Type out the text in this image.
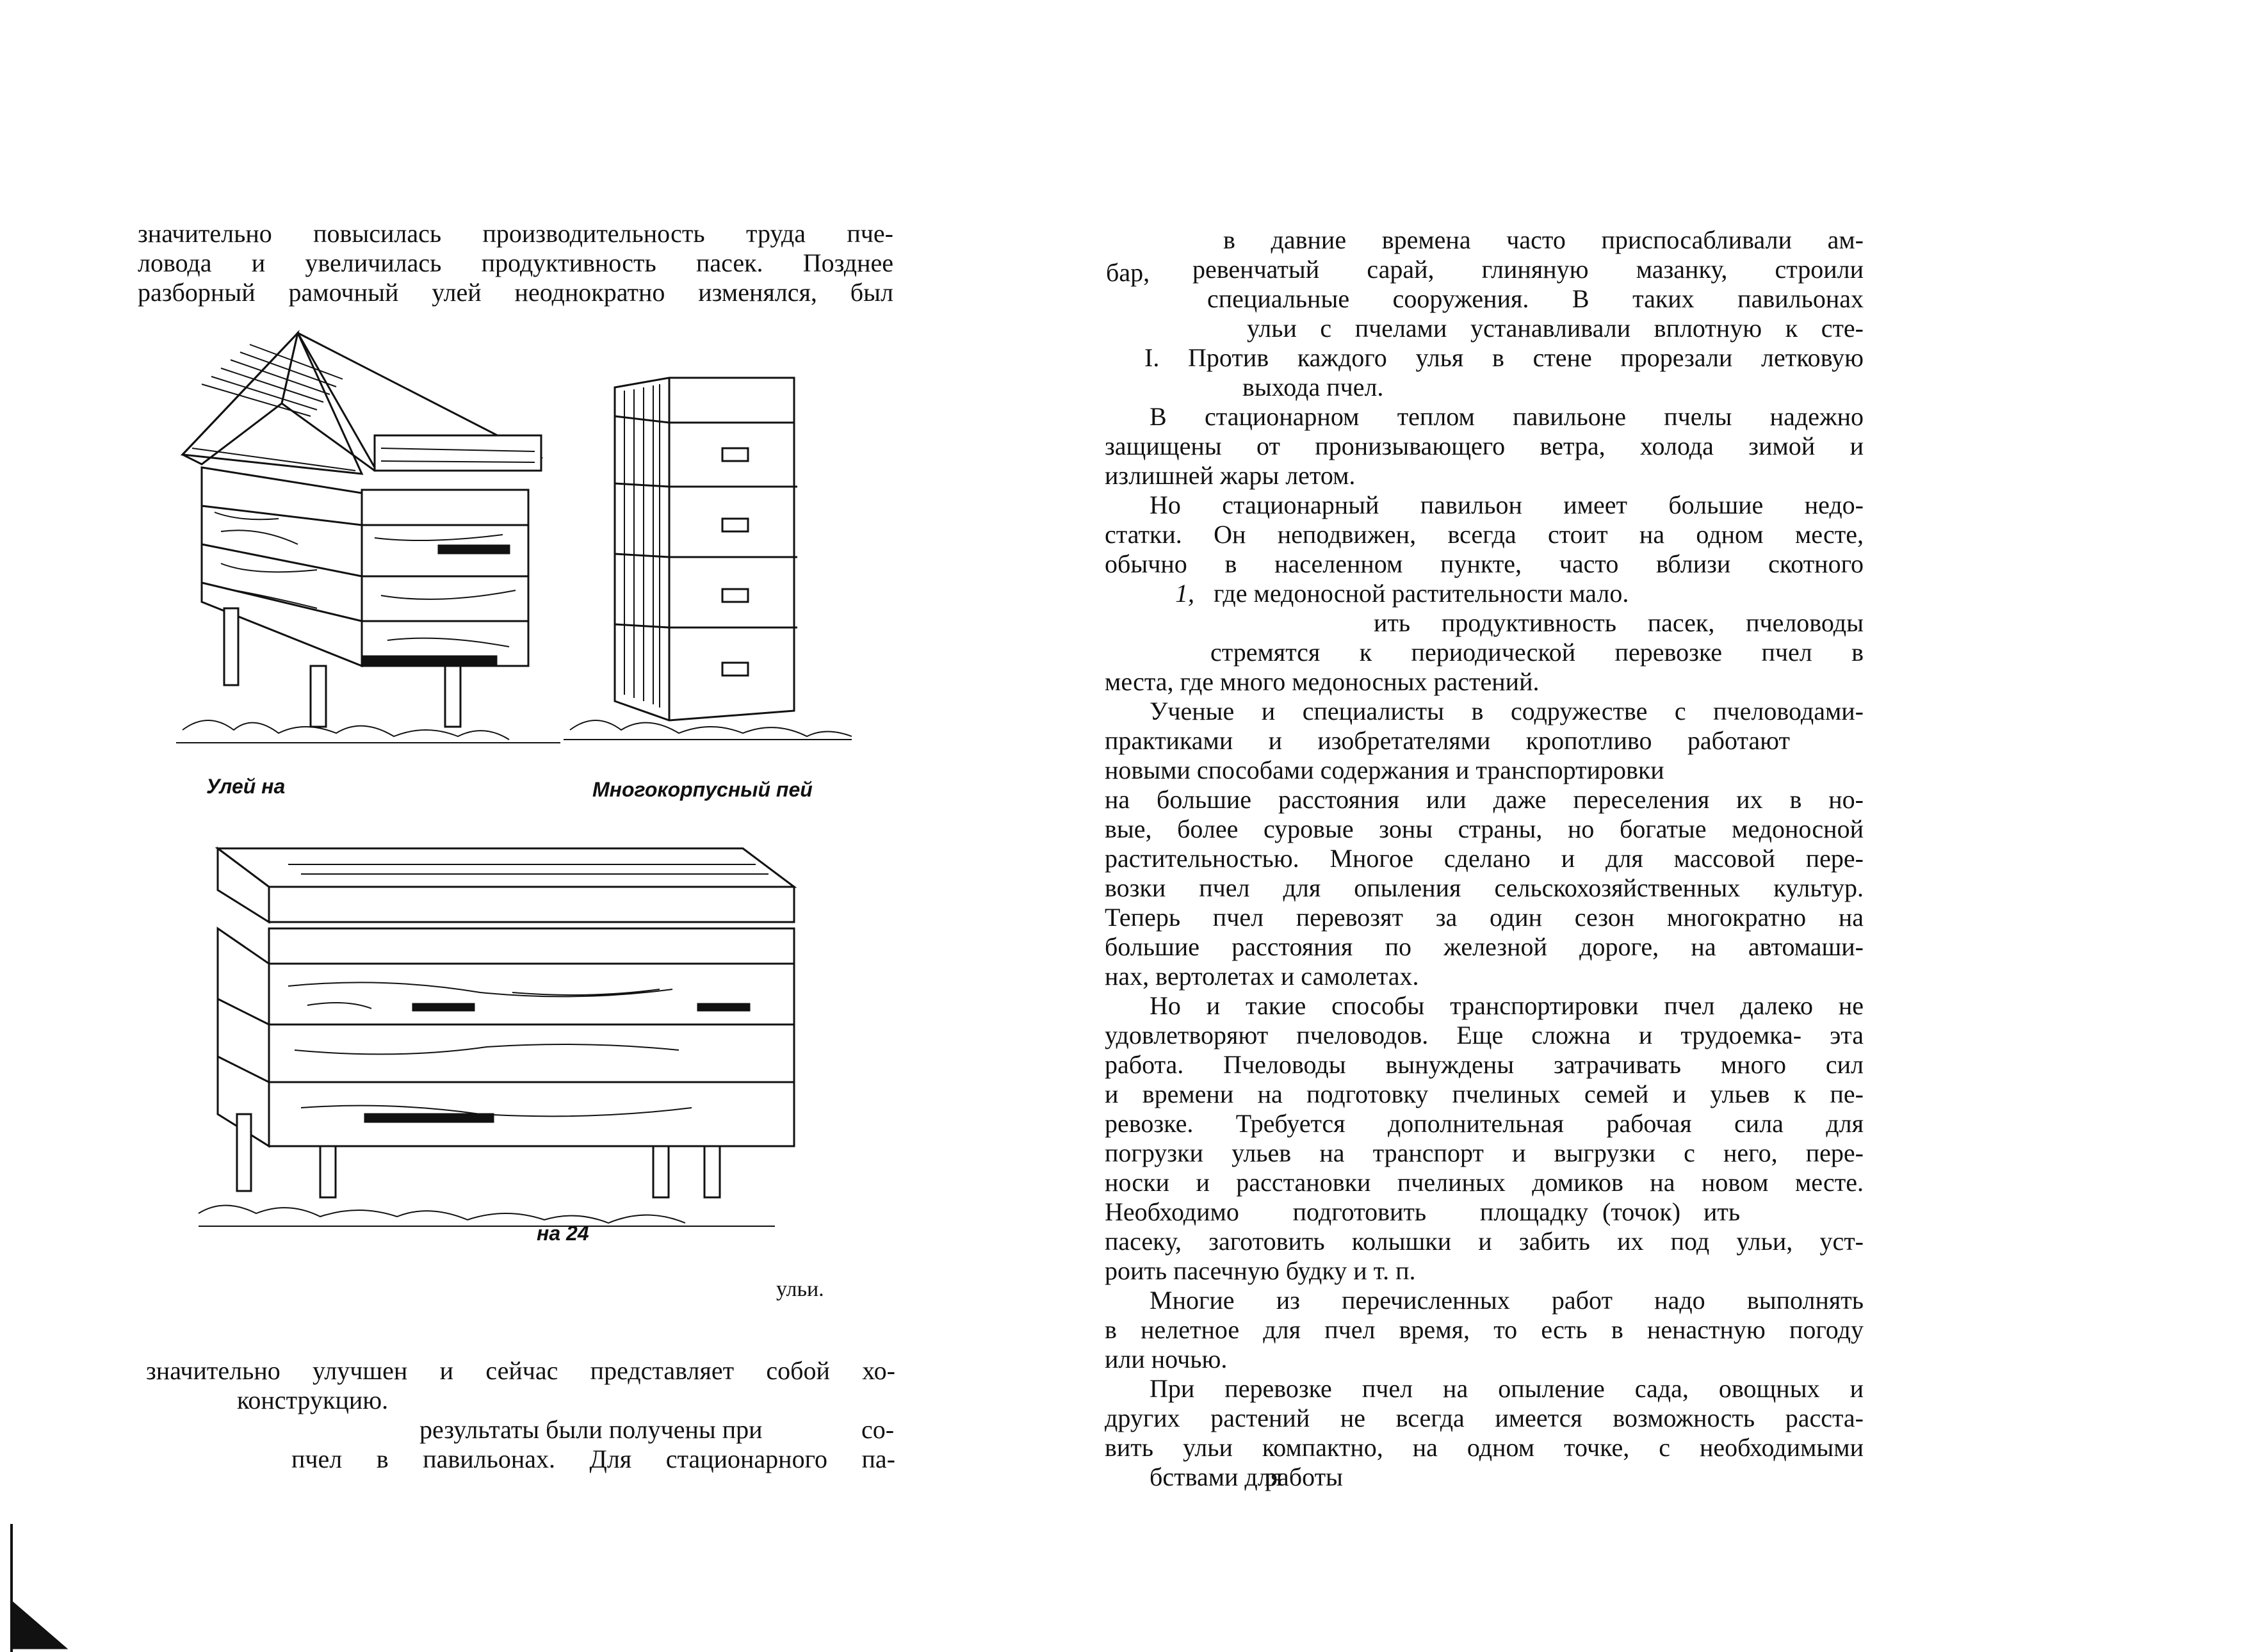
значительно повысилась производительность труда пче-
ловода и увеличилась продуктивность пасек. Позднее
разборный рамочный улей неоднократно изменялся, был
Улей на	Многокорпусный пей
на 24
ульи.
значительно улучшен и сейчас представляет собой хо-
конструкцию.
результаты были получены при	со-
пчел в павильонах. Для стационарного па-
в давние времена часто приспосабливали ам-
бар, ревенчатый сарай, глиняную мазанку, строили
специальные сооружения. В таких павильонах
ульи с пчелами устанавливали вплотную к сте-
I. Против каждого улья в стене прорезали летковую
выхода пчел.
В стационарном теплом павильоне пчелы надежно
защищены от пронизывающего ветра, холода зимой и
излишней жары летом.
Но стационарный павильон имеет большие недо-
статки. Он неподвижен, всегда стоит на одном месте,
обычно в населенном пункте, часто вблизи скотного
1, где медоносной растительности мало.
ить продуктивность пасек, пчеловоды
стремятся к периодической перевозке пчел в
места, где много медоносных растений.
Ученые и специалисты в содружестве с пчеловодами-
практиками и изобретателями кропотливо работают
новыми способами содержания и транспортировки
на большие расстояния или даже переселения их в но-
вые, более суровые зоны страны, но богатые медоносной
растительностью. Многое сделано и для массовой пере-
возки пчел для опыления сельскохозяйственных культур.
Теперь пчел перевозят за один сезон многократно на
большие расстояния по железной дороге, на автомаши-
нах, вертолетах и самолетах.
Но и такие способы транспортировки пчел далеко не
удовлетворяют пчеловодов. Еще сложна и трудоемка- эта
работа. Пчеловоды вынуждены затрачивать много сил
и времени на подготовку пчелиных семей и ульев к пе-
ревозке. Требуется дополнительная рабочая сила для
погрузки ульев на транспорт и выгрузки с него, пере-
носки и расстановки пчелиных домиков на новом месте.
Необходимо подготовить площадку (точок) ить
пасеку, заготовить колышки и забить их под ульи, уст-
роить пасечную будку и т. п.
Многие из перечисленных работ надо выполнять
в нелетное для пчел время, то есть в ненастную погоду
или ночью.
При перевозке пчел на опыление сада, овощных и
других растений не всегда имеется возможность расста-
вить ульи компактно, на одном точке, с необходимыми
бствами для
работы
